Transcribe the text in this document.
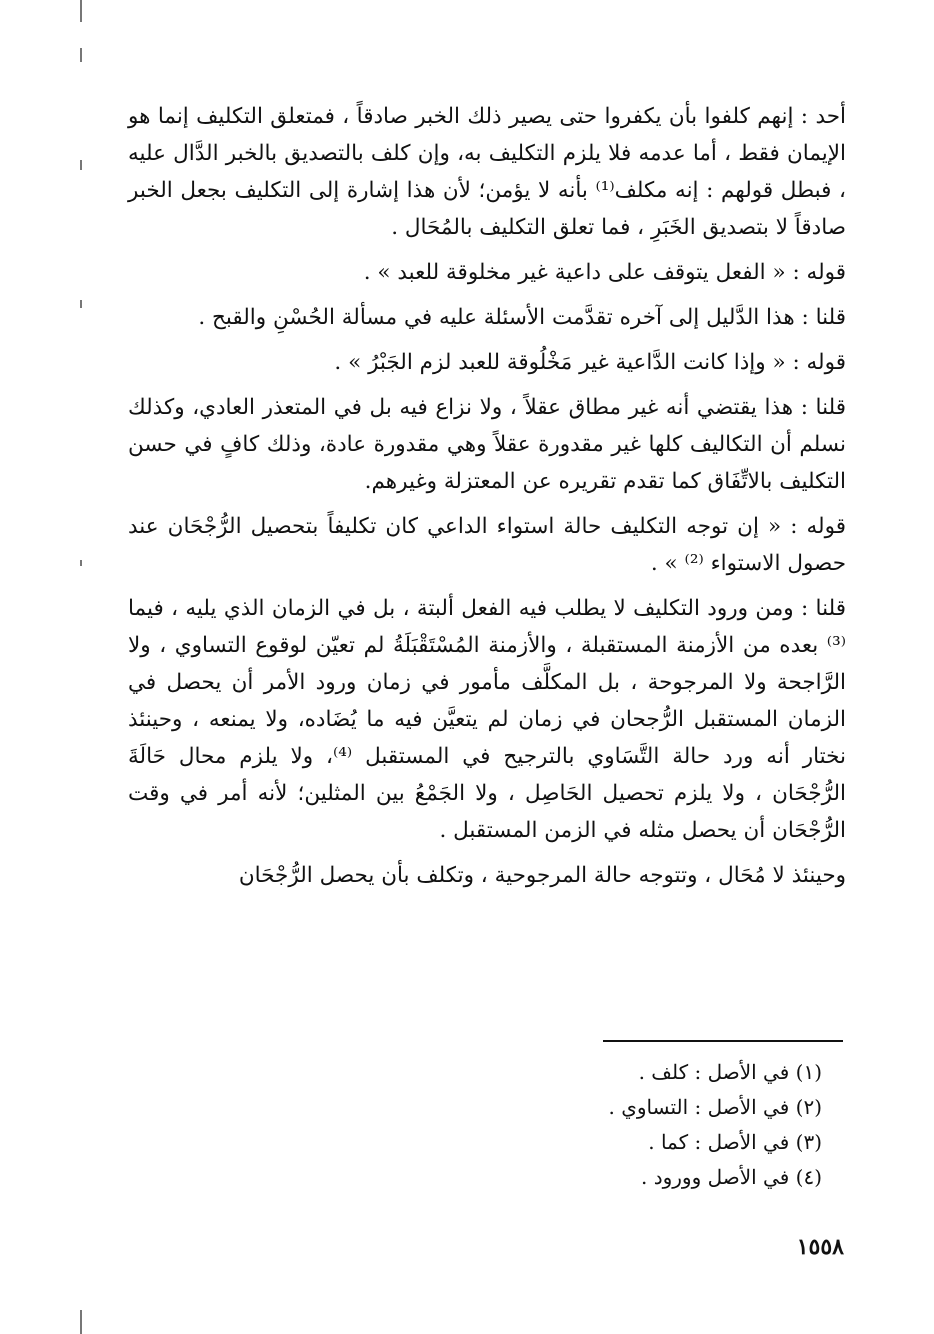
أحد : إنهم كلفوا بأن يكفروا حتى يصير ذلك الخبر صادقاً ، فمتعلق التكليف إنما هو الإيمان فقط ، أما عدمه فلا يلزم التكليف به، وإن كلف بالتصديق بالخبر الدَّال عليه ، فبطل قولهم : إنه مكلف⁽¹⁾ بأنه لا يؤمن؛ لأن هذا إشارة إلى التكليف بجعل الخبر صادقاً لا بتصديق الخَبَرِ ، فما تعلق التكليف بالمُحَال .

قوله : « الفعل يتوقف على داعية غير مخلوقة للعبد » .

قلنا : هذا الدَّليل إلى آخره تقدَّمت الأسئلة عليه في مسألة الحُسْنِ والقبح .

قوله : « وإذا كانت الدَّاعية غير مَخْلُوقة للعبد لزم الجَبْرُ » .

قلنا : هذا يقتضي أنه غير مطاق عقلاً ، ولا نزاع فيه بل في المتعذر العادي، وكذلك نسلم أن التكاليف كلها غير مقدورة عقلاً وهي مقدورة عادة، وذلك كافٍ في حسن التكليف بالاتِّفَاق كما تقدم تقريره عن المعتزلة وغيرهم.

قوله : « إن توجه التكليف حالة استواء الداعي كان تكليفاً بتحصيل الرُّجْحَان عند حصول الاستواء ⁽²⁾ » .

قلنا : ومن ورود التكليف لا يطلب فيه الفعل ألبتة ، بل في الزمان الذي يليه ، فيما ⁽³⁾ بعده من الأزمنة المستقبلة ، والأزمنة المُسْتَقْبَلَةُ لم تعيّن لوقوع التساوي ، ولا الرَّاجحة ولا المرجوحة ، بل المكلَّف مأمور في زمان ورود الأمر أن يحصل في الزمان المستقبل الرُّجحان في زمان لم يتعيَّن فيه ما يُضَاده، ولا يمنعه ، وحينئذ نختار أنه ورد حالة التَّسَاوي بالترجيح في المستقبل ⁽⁴⁾، ولا يلزم محال حَالَةَ الرُّجْحَان ، ولا يلزم تحصيل الحَاصِل ، ولا الجَمْعُ بين المثلين؛ لأنه أمر في وقت الرُّجْحَان أن يحصل مثله في الزمن المستقبل .

وحينئذ لا مُحَال ، وتتوجه حالة المرجوحية ، وتكلف بأن يحصل الرُّجْحَان

(١) في الأصل : كلف .
(٢) في الأصل : التساوي .
(٣) في الأصل : كما .
(٤) في الأصل وورود .
١٥٥٨
